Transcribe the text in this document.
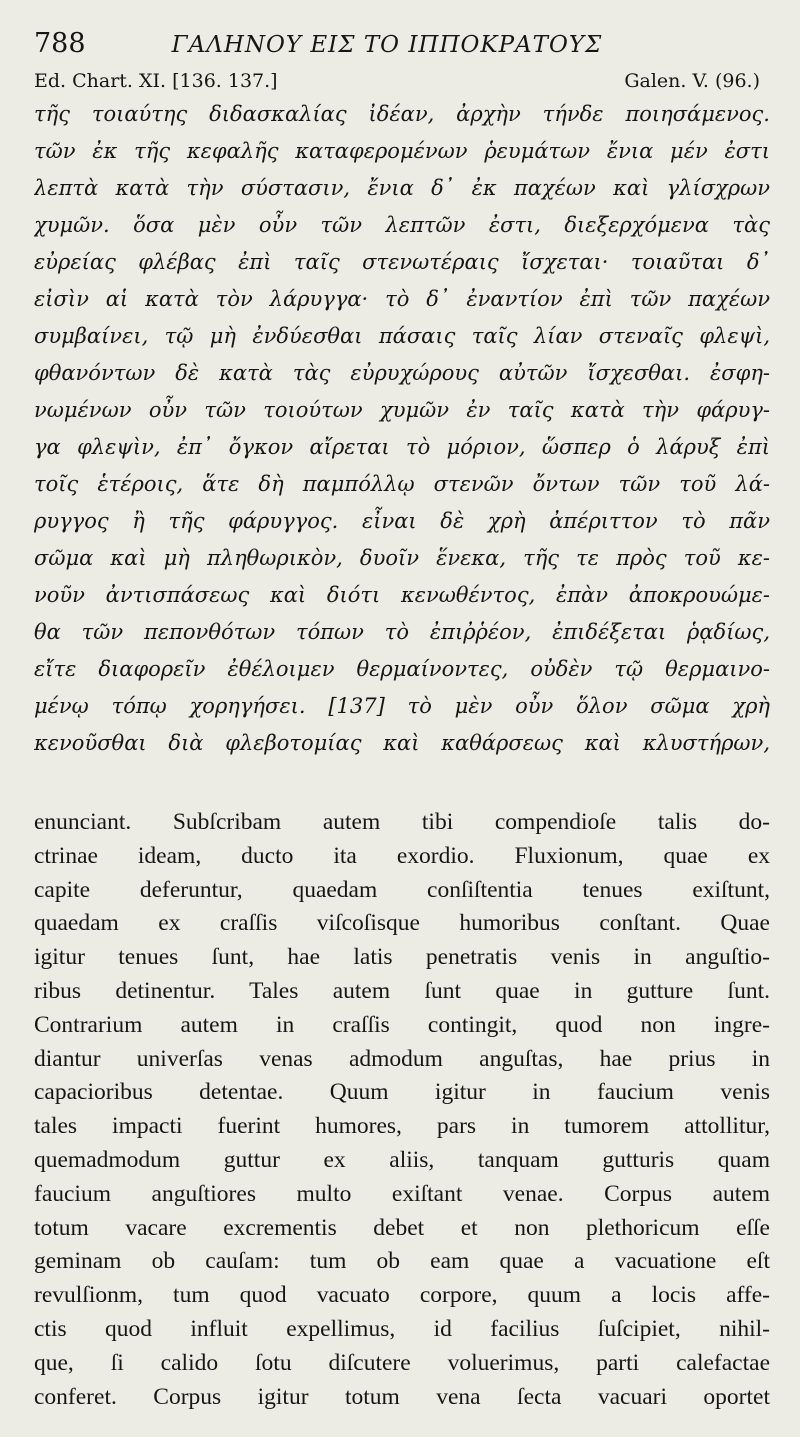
788	ΓΑΛΗΝΟΥ ΕΙΣ ΤΟ ΙΠΠΟΚΡΑΤΟΥΣ
Ed. Chart. XI. [136. 137.]	Galen. V. (96.)
τῆς τοιαύτης διδασκαλίας ἰδέαν, ἀρχὴν τήνδε ποιησάμενος.
τῶν ἐκ τῆς κεφαλῆς καταφερομένων ῥευμάτων ἔνια μέν ἐστι
λεπτὰ κατὰ τὴν σύστασιν, ἔνια δ᾽ ἐκ παχέων καὶ γλίσχρων
χυμῶν. ὅσα μὲν οὖν τῶν λεπτῶν ἐστι, διεξερχόμενα τὰς
εὐρείας φλέβας ἐπὶ ταῖς στενωτέραις ἴσχεται· τοιαῦται δ᾽
εἰσὶν αἱ κατὰ τὸν λάρυγγα· τὸ δ᾽ ἐναντίον ἐπὶ τῶν παχέων
συμβαίνει, τῷ μὴ ἐνδύεσθαι πάσαις ταῖς λίαν στεναῖς φλεψὶ,
φθανόντων δὲ κατὰ τὰς εὐρυχώρους αὐτῶν ἴσχεσθαι. ἐσφη-
νωμένων οὖν τῶν τοιούτων χυμῶν ἐν ταῖς κατὰ τὴν φάρυγ-
γα φλεψὶν, ἐπ᾽ ὄγκον αἴρεται τὸ μόριον, ὥσπερ ὁ λάρυξ ἐπὶ
τοῖς ἑτέροις, ἅτε δὴ παμπόλλῳ στενῶν ὄντων τῶν τοῦ λά-
ρυγγος ἢ τῆς φάρυγγος. εἶναι δὲ χρὴ ἀπέριττον τὸ πᾶν
σῶμα καὶ μὴ πληθωρικὸν, δυοῖν ἕνεκα, τῆς τε πρὸς τοῦ κε-
νοῦν ἀντισπάσεως καὶ διότι κενωθέντος, ἐπὰν ἀποκρουώμε-
θα τῶν πεπονθότων τόπων τὸ ἐπιῤῥέον, ἐπιδέξεται ῥᾳδίως,
εἴτε διαφορεῖν ἐθέλοιμεν θερμαίνοντες, οὐδὲν τῷ θερμαινο-
μένῳ τόπῳ χορηγήσει. [137] τὸ μὲν οὖν ὅλον σῶμα χρὴ
κενοῦσθαι διὰ φλεβοτομίας καὶ καθάρσεως καὶ κλυστήρων,
enunciant. Subſcribam autem tibi compendioſe talis do-
ctrinae ideam, ducto ita exordio. Fluxionum, quae ex
capite deferuntur, quaedam conſiſtentia tenues exiſtunt,
quaedam ex craſſis viſcoſisque humoribus conſtant. Quae
igitur tenues ſunt, hae latis penetratis venis in anguſtio-
ribus detinentur. Tales autem ſunt quae in gutture ſunt.
Contrarium autem in craſſis contingit, quod non ingre-
diantur univerſas venas admodum anguſtas, hae prius in
capacioribus detentae. Quum igitur in faucium venis
tales impacti fuerint humores, pars in tumorem attollitur,
quemadmodum guttur ex aliis, tanquam gutturis quam
faucium anguſtiores multo exiſtant venae. Corpus autem
totum vacare excrementis debet et non plethoricum eſſe
geminam ob cauſam: tum ob eam quae a vacuatione eſt
revulſionm, tum quod vacuato corpore, quum a locis affe-
ctis quod influit expellimus, id facilius ſuſcipiet, nihil-
que, ſi calido ſotu diſcutere voluerimus, parti calefactae
conferet. Corpus igitur totum vena ſecta vacuari oportet
